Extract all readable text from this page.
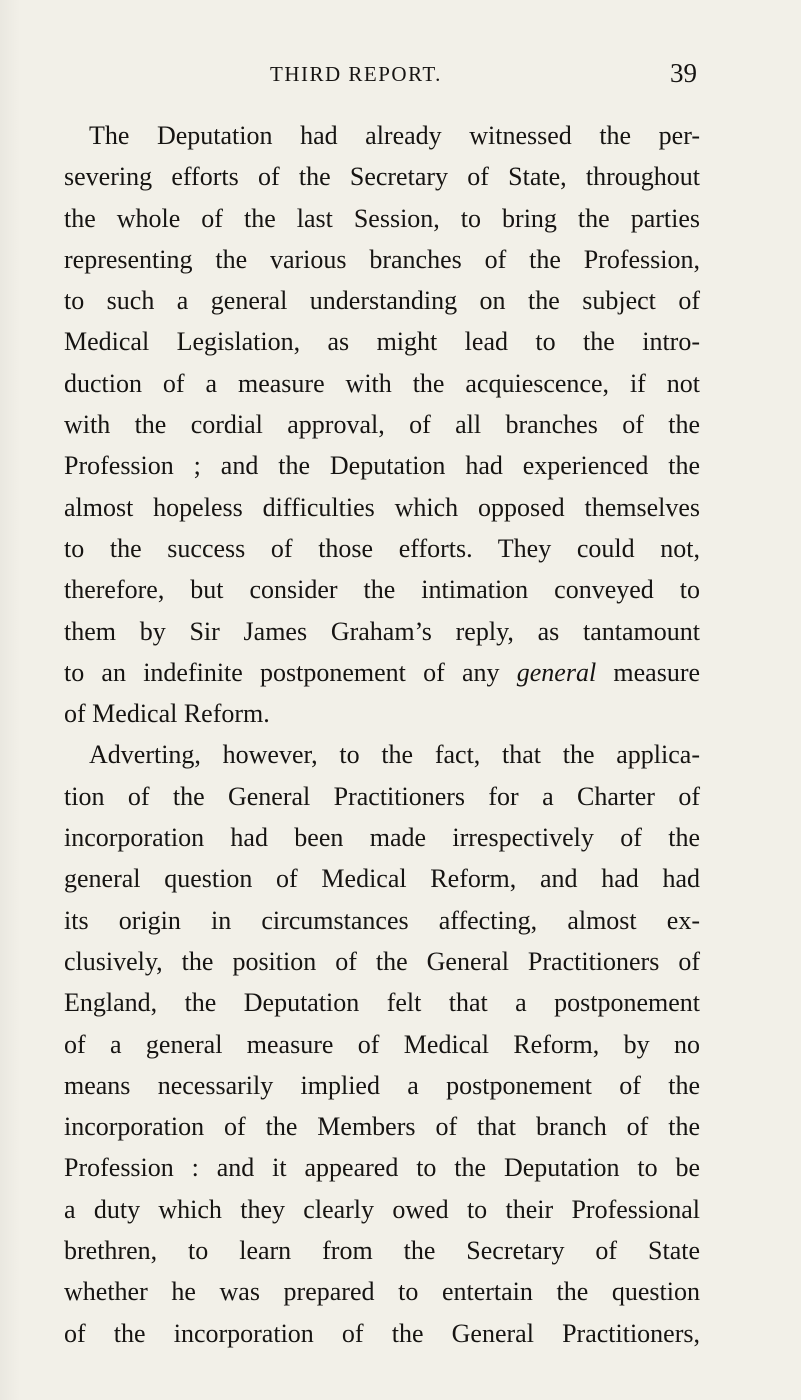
THIRD REPORT.	39
The Deputation had already witnessed the per-
severing efforts of the Secretary of State, throughout
the whole of the last Session, to bring the parties
representing the various branches of the Profession,
to such a general understanding on the subject of
Medical Legislation, as might lead to the intro-
duction of a measure with the acquiescence, if not
with the cordial approval, of all branches of the
Profession ; and the Deputation had experienced the
almost hopeless difficulties which opposed themselves
to the success of those efforts. They could not,
therefore, but consider the intimation conveyed to
them by Sir James Graham’s reply, as tantamount
to an indefinite postponement of any general measure
of Medical Reform.
Adverting, however, to the fact, that the applica-
tion of the General Practitioners for a Charter of
incorporation had been made irrespectively of the
general question of Medical Reform, and had had
its origin in circumstances affecting, almost ex-
clusively, the position of the General Practitioners of
England, the Deputation felt that a postponement
of a general measure of Medical Reform, by no
means necessarily implied a postponement of the
incorporation of the Members of that branch of the
Profession : and it appeared to the Deputation to be
a duty which they clearly owed to their Professional
brethren, to learn from the Secretary of State
whether he was prepared to entertain the question
of the incorporation of the General Practitioners,
